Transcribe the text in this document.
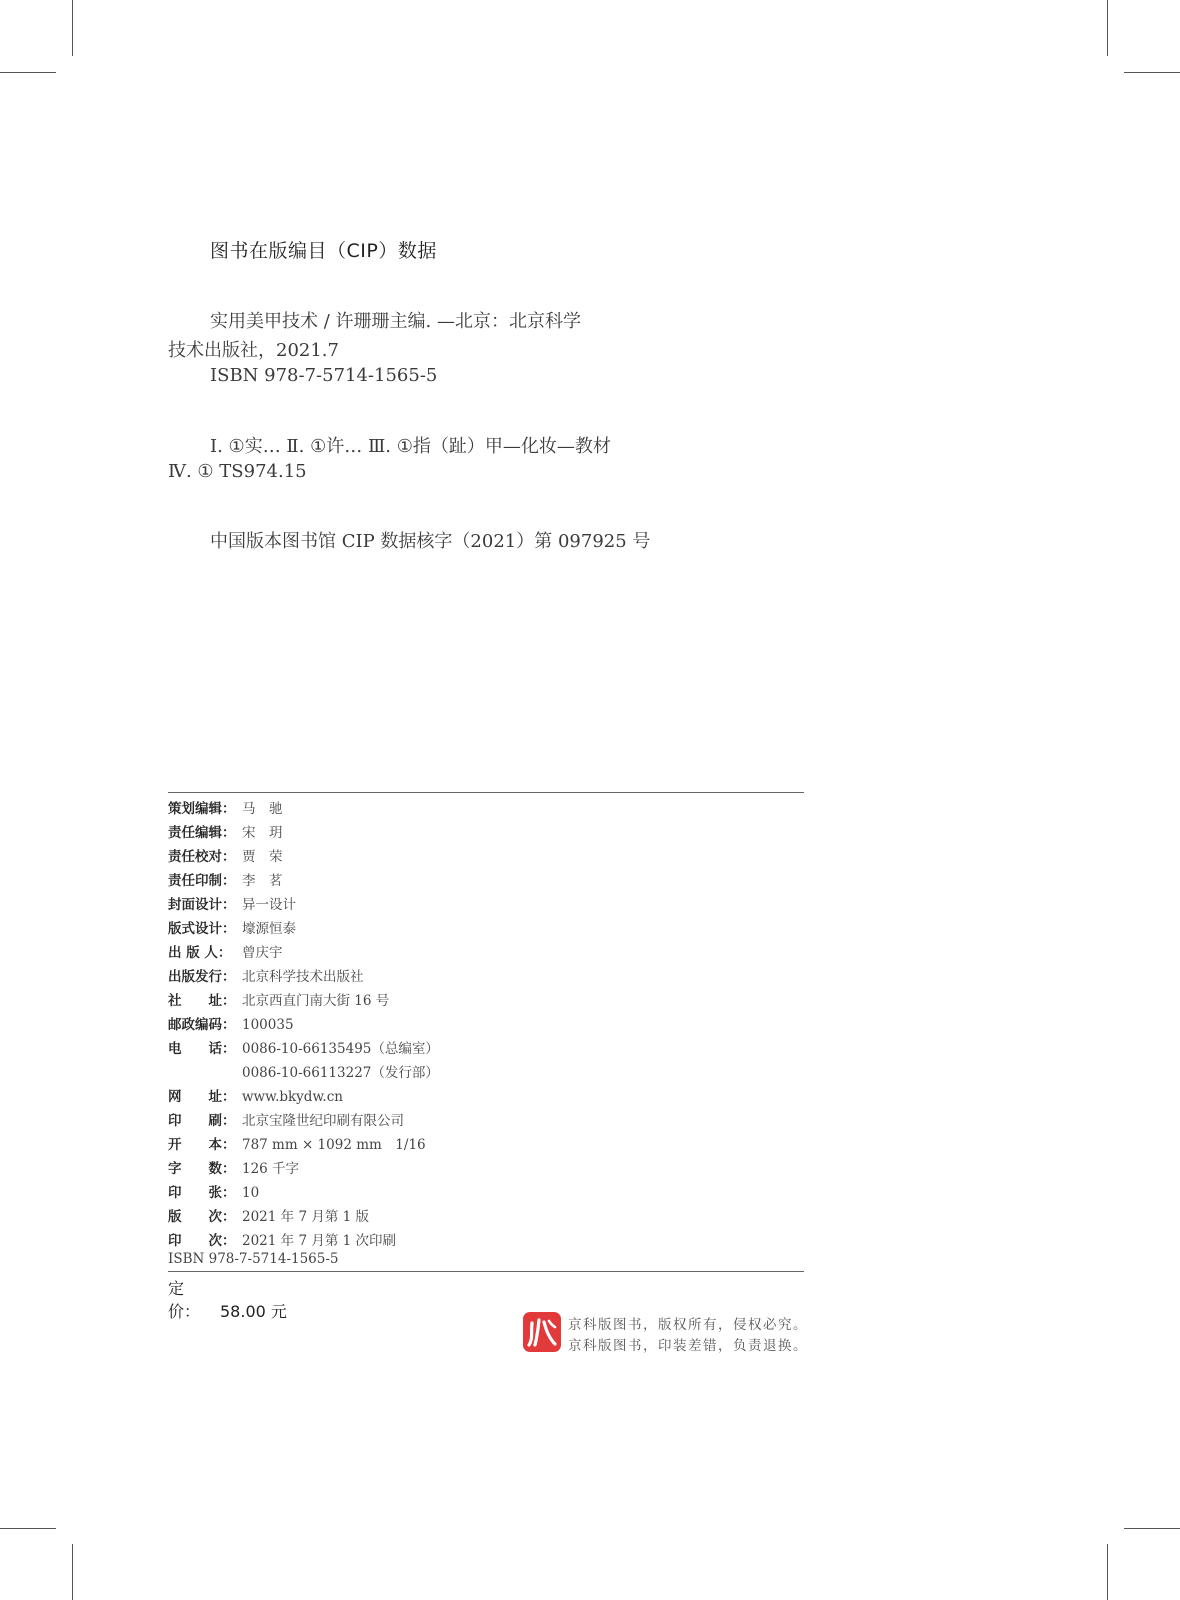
图书在版编目（CIP）数据
实用美甲技术 / 许珊珊主编. —北京：北京科学
技术出版社，2021.7
ISBN 978-7-5714-1565-5
Ⅰ. ①实… Ⅱ. ①许… Ⅲ. ①指（趾）甲—化妆—教材
Ⅳ. ① TS974.15
中国版本图书馆 CIP 数据核字（2021）第 097925 号
策划编辑： 马　驰
责任编辑： 宋　玥
责任校对： 贾　荣
责任印制： 李　茗
封面设计： 异一设计
版式设计： 壕源恒泰
出 版 人： 曾庆宇
出版发行： 北京科学技术出版社
社　　址： 北京西直门南大街 16 号
邮政编码： 100035
电　　话： 0086-10-66135495（总编室）
0086-10-66113227（发行部）
网　　址： www.bkydw.cn
印　　刷： 北京宝隆世纪印刷有限公司
开　　本： 787 mm × 1092 mm　1/16
字　　数： 126 千字
印　　张： 10
版　　次： 2021 年 7 月第 1 版
印　　次： 2021 年 7 月第 1 次印刷
ISBN 978-7-5714-1565-5
定　　价： 58.00 元
京科版图书，版权所有，侵权必究。
京科版图书，印装差错，负责退换。
